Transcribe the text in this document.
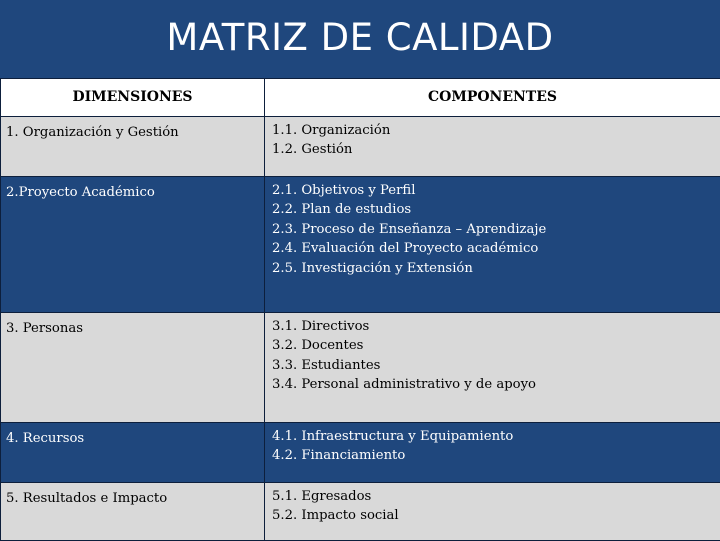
MATRIZ DE CALIDAD
DIMENSIONES	COMPONENTES
1. Organización y Gestión	1.1. Organización
1.2. Gestión

2.Proyecto Académico	2.1. Objetivos y Perfil
2.2. Plan de estudios
2.3. Proceso de Enseñanza – Aprendizaje
2.4. Evaluación del Proyecto académico
2.5. Investigación y Extensión

3. Personas	3.1. Directivos
3.2. Docentes
3.3. Estudiantes
3.4. Personal administrativo y de apoyo

4. Recursos	4.1. Infraestructura y Equipamiento
4.2. Financiamiento

5. Resultados e Impacto	5.1. Egresados
5.2. Impacto social
